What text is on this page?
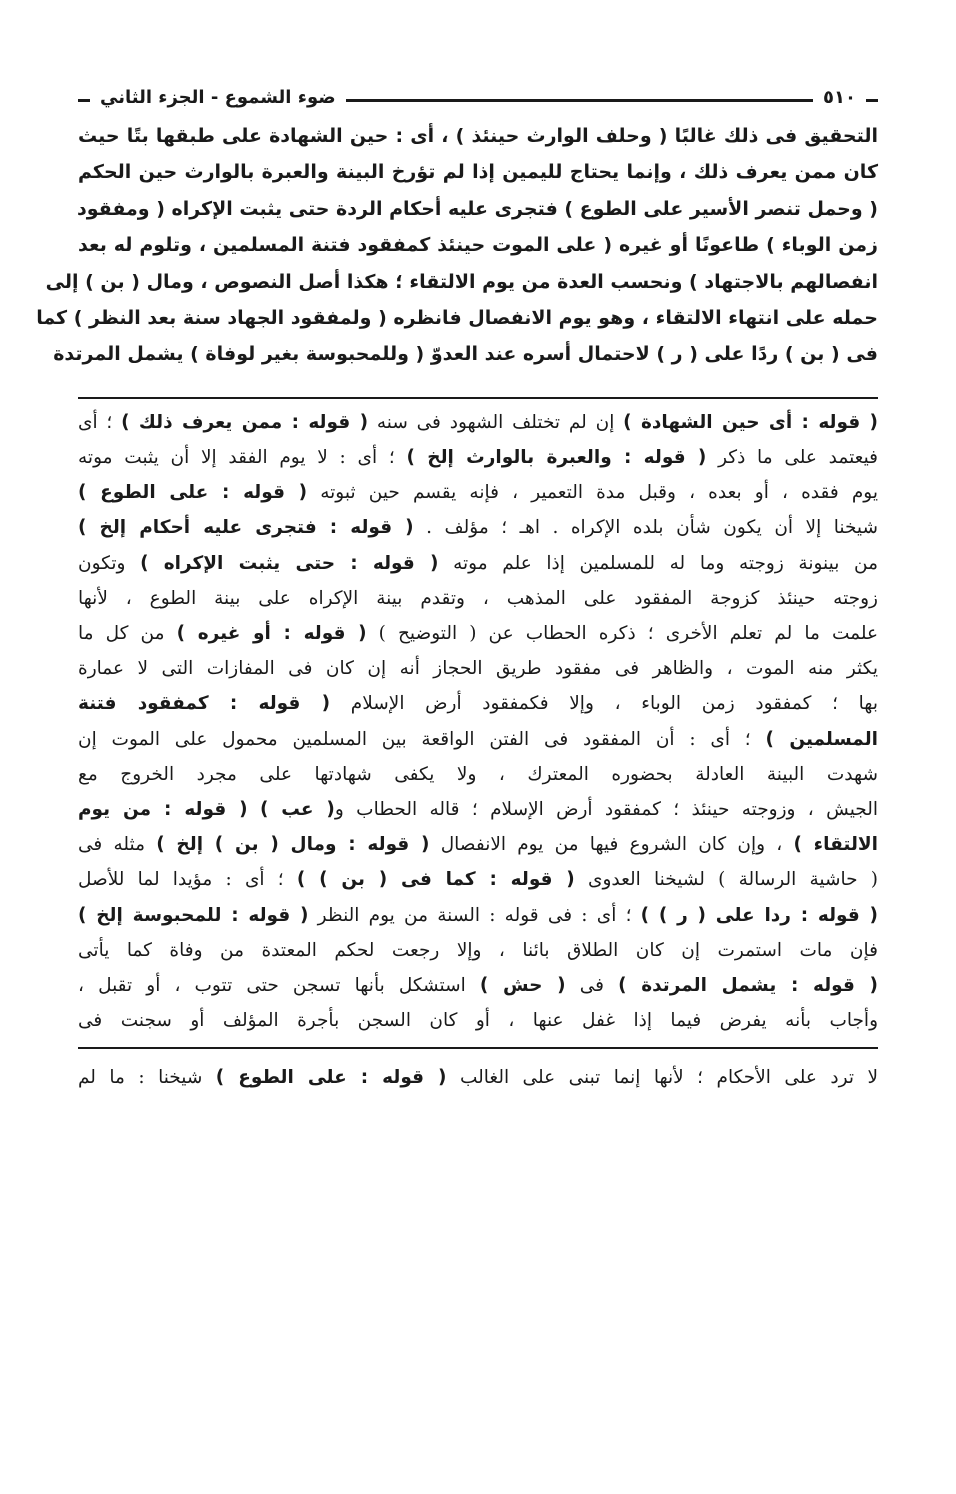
ضوء الشموع - الجزء الثاني	٥١٠
التحقيق فى ذلك غالبًا ( وحلف الوارث حينئذ ) ، أى : حين الشهادة على طبقها بتًا حيث
كان ممن يعرف ذلك ، وإنما يحتاج لليمين إذا لم تؤرخ البينة والعبرة بالوارث حين الحكم
( وحمل تنصر الأسير على الطوع ) فتجرى عليه أحكام الردة حتى يثبت الإكراه ( ومفقود
زمن الوباء ) طاعونًا أو غيره ( على الموت حينئذ كمفقود فتنة المسلمين ، وتلوم له بعد
انفصالهم بالاجتهاد ) ونحسب العدة من يوم الالتقاء ؛ هكذا أصل النصوص ، ومال ( بن ) إلى
حمله على انتهاء الالتقاء ، وهو يوم الانفصال فانظره ( ولمفقود الجهاد سنة بعد النظر ) كما
فى ( بن ) ردًا على ( ر ) لاحتمال أسره عند العدوّ ( وللمحبوسة بغير لوفاة ) يشمل المرتدة
( قوله : أى حين الشهادة ) إن لم تختلف الشهود فى سنه ( قوله : ممن يعرف ذلك ) ؛ أى
فيعتمد على ما ذكر ( قوله : والعبرة بالوارث إلخ ) ؛ أى : لا يوم الفقد إلا أن يثبت موته
يوم فقده ، أو بعده ، وقبل مدة التعمير ، فإنه يقسم حين ثبوته ( قوله : على الطوع )
شيخنا إلا أن يكون شأن بلده الإكراه . اهـ ؛ مؤلف . ( قوله : فتجرى عليه أحكام إلخ )
من بينونة زوجته وما له للمسلمين إذا علم موته ( قوله : حتى يثبت الإكراه ) وتكون
زوجته حينئذ كزوجة المفقود على المذهب ، وتقدم بينة الإكراه على بينة الطوع ، لأنها
علمت ما لم تعلم الأخرى ؛ ذكره الحطاب عن ( التوضيح ) ( قوله : أو غيره ) من كل ما
يكثر منه الموت ، والظاهر فى مفقود طريق الحجاز أنه إن كان فى المفازات التى لا عمارة
بها ؛ كمفقود زمن الوباء ، وإلا فكمفقود أرض الإسلام ( قوله : كمفقود فتنة
المسلمين ) ؛ أى : أن المفقود فى الفتن الواقعة بين المسلمين محمول على الموت إن
شهدت البينة العادلة بحضوره المعترك ، ولا يكفى شهادتها على مجرد الخروج مع
الجيش ، وزوجته حينئذ ؛ كمفقود أرض الإسلام ؛ قاله الحطاب و( عب ) ( قوله : من يوم
الالتقاء ) ، وإن كان الشروع فيها من يوم الانفصال ( قوله : ومال ( بن ) إلخ ) مثله فى
( حاشية الرسالة ) لشيخنا العدوى ( قوله : كما فى ( بن ) ) ؛ أى : مؤيدا لما للأصل
( قوله : ردا على ( ر ) ) ؛ أى : فى قوله : السنة من يوم النظر ( قوله : للمحبوسة إلخ )
فإن مات استمرت إن كان الطلاق بائنا ، وإلا رجعت لحكم المعتدة من وفاة كما يأتى
( قوله : يشمل المرتدة ) فى ( حش ) استشكل بأنها تسجن حتى تتوب ، أو تقبل ،
وأجاب بأنه يفرض فيما إذا غفل عنها ، أو كان السجن بأجرة المؤلف أو سجنت فى
لا ترد على الأحكام ؛ لأنها إنما تبنى على الغالب ( قوله : على الطوع ) شيخنا : ما لم
